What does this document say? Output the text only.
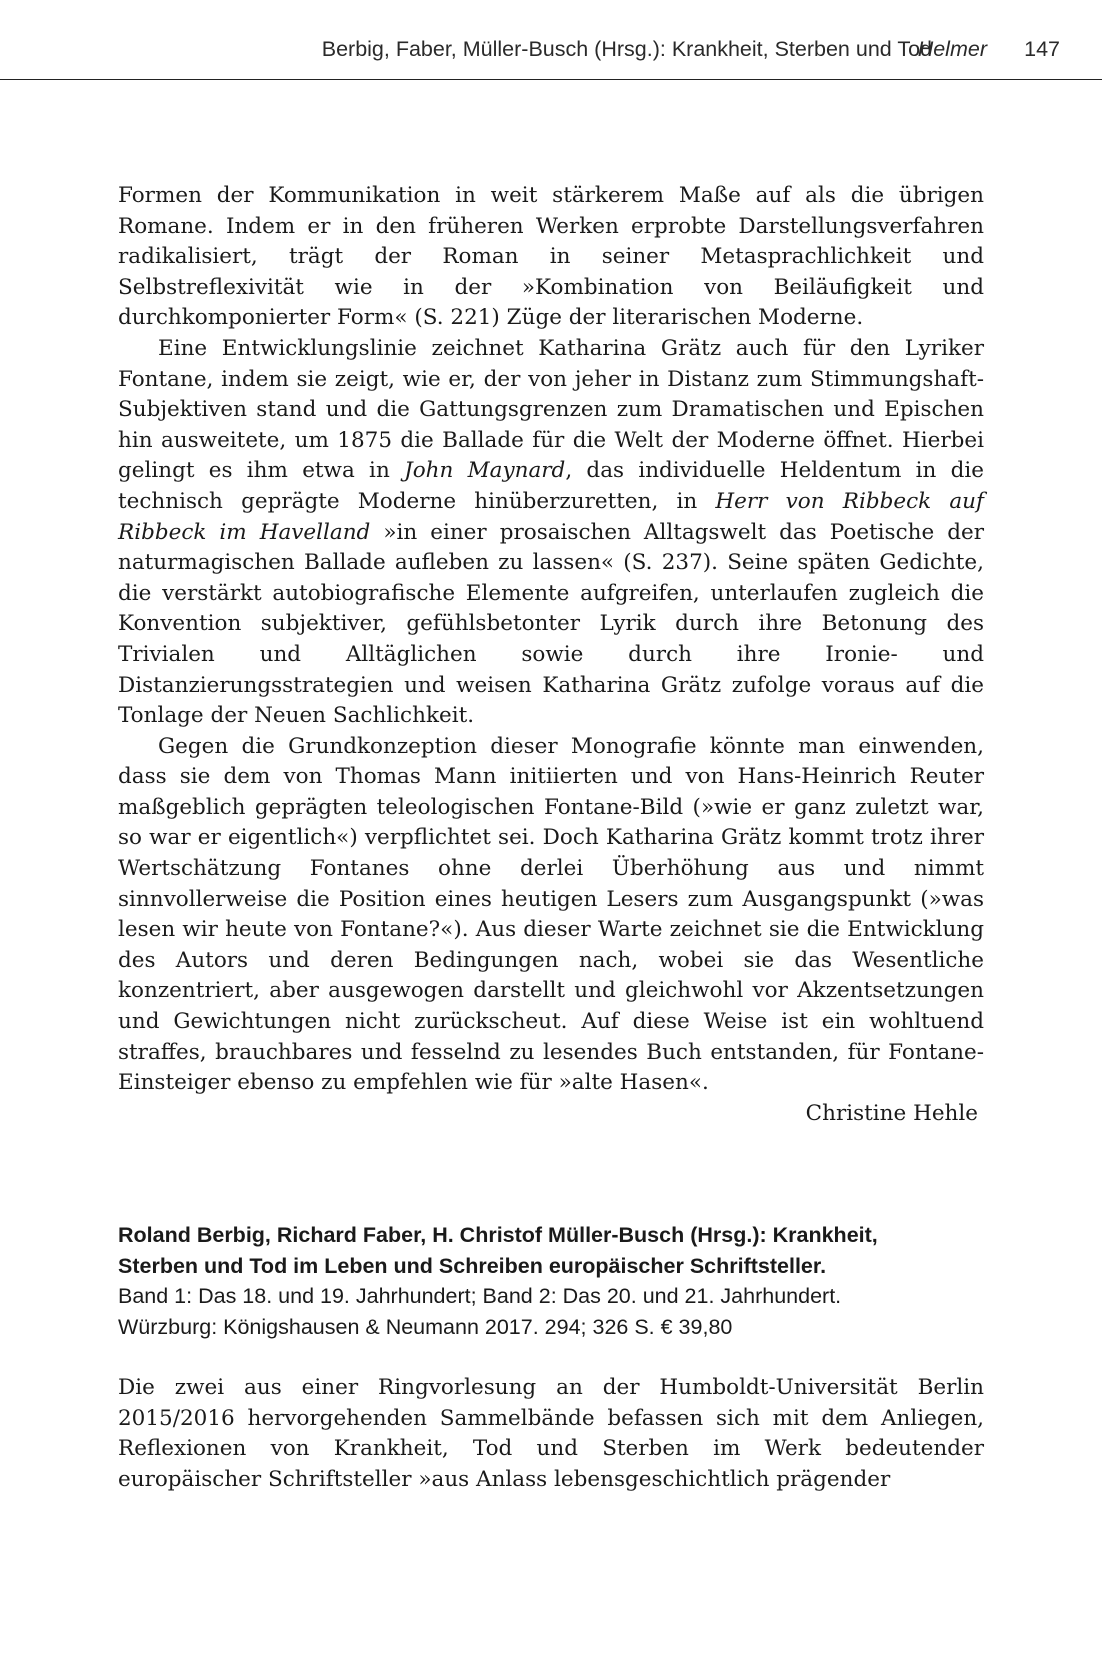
Berbig, Faber, Müller-Busch (Hrsg.): Krankheit, Sterben und Tod
Helmer 147

Formen der Kommunikation in weit stärkerem Maße auf als die übrigen Romane. Indem er in den früheren Werken erprobte Darstellungsverfahren radikalisiert, trägt der Roman in seiner Metasprachlichkeit und Selbstreflexivität wie in der »Kombination von Beiläufigkeit und durchkomponierter Form« (S. 221) Züge der literarischen Moderne.

Eine Entwicklungslinie zeichnet Katharina Grätz auch für den Lyriker Fontane, indem sie zeigt, wie er, der von jeher in Distanz zum Stimmungshaft-Subjektiven stand und die Gattungsgrenzen zum Dramatischen und Epischen hin ausweitete, um 1875 die Ballade für die Welt der Moderne öffnet. Hierbei gelingt es ihm etwa in John Maynard, das individuelle Heldentum in die technisch geprägte Moderne hinüberzuretten, in Herr von Ribbeck auf Ribbeck im Havelland »in einer prosaischen Alltagswelt das Poetische der naturmagischen Ballade aufleben zu lassen« (S. 237). Seine späten Gedichte, die verstärkt autobiografische Elemente aufgreifen, unterlaufen zugleich die Konvention subjektiver, gefühlsbetonter Lyrik durch ihre Betonung des Trivialen und Alltäglichen sowie durch ihre Ironie- und Distanzierungsstrategien und weisen Katharina Grätz zufolge voraus auf die Tonlage der Neuen Sachlichkeit.

Gegen die Grundkonzeption dieser Monografie könnte man einwenden, dass sie dem von Thomas Mann initiierten und von Hans-Heinrich Reuter maßgeblich geprägten teleologischen Fontane-Bild (»wie er ganz zuletzt war, so war er eigentlich«) verpflichtet sei. Doch Katharina Grätz kommt trotz ihrer Wertschätzung Fontanes ohne derlei Überhöhung aus und nimmt sinnvollerweise die Position eines heutigen Lesers zum Ausgangspunkt (»was lesen wir heute von Fontane?«). Aus dieser Warte zeichnet sie die Entwicklung des Autors und deren Bedingungen nach, wobei sie das Wesentliche konzentriert, aber ausgewogen darstellt und gleichwohl vor Akzentsetzungen und Gewichtungen nicht zurückscheut. Auf diese Weise ist ein wohltuend straffes, brauchbares und fesselnd zu lesendes Buch entstanden, für Fontane-Einsteiger ebenso zu empfehlen wie für »alte Hasen«.

Christine Hehle

Roland Berbig, Richard Faber, H. Christof Müller-Busch (Hrsg.): Krankheit,
Sterben und Tod im Leben und Schreiben europäischer Schriftsteller.
Band 1: Das 18. und 19. Jahrhundert; Band 2: Das 20. und 21. Jahrhundert.
Würzburg: Königshausen & Neumann 2017. 294; 326 S. € 39,80

Die zwei aus einer Ringvorlesung an der Humboldt-Universität Berlin 2015/2016 hervorgehenden Sammelbände befassen sich mit dem Anliegen, Reflexionen von Krankheit, Tod und Sterben im Werk bedeutender europäischer Schriftsteller »aus Anlass lebensgeschichtlich prägender
